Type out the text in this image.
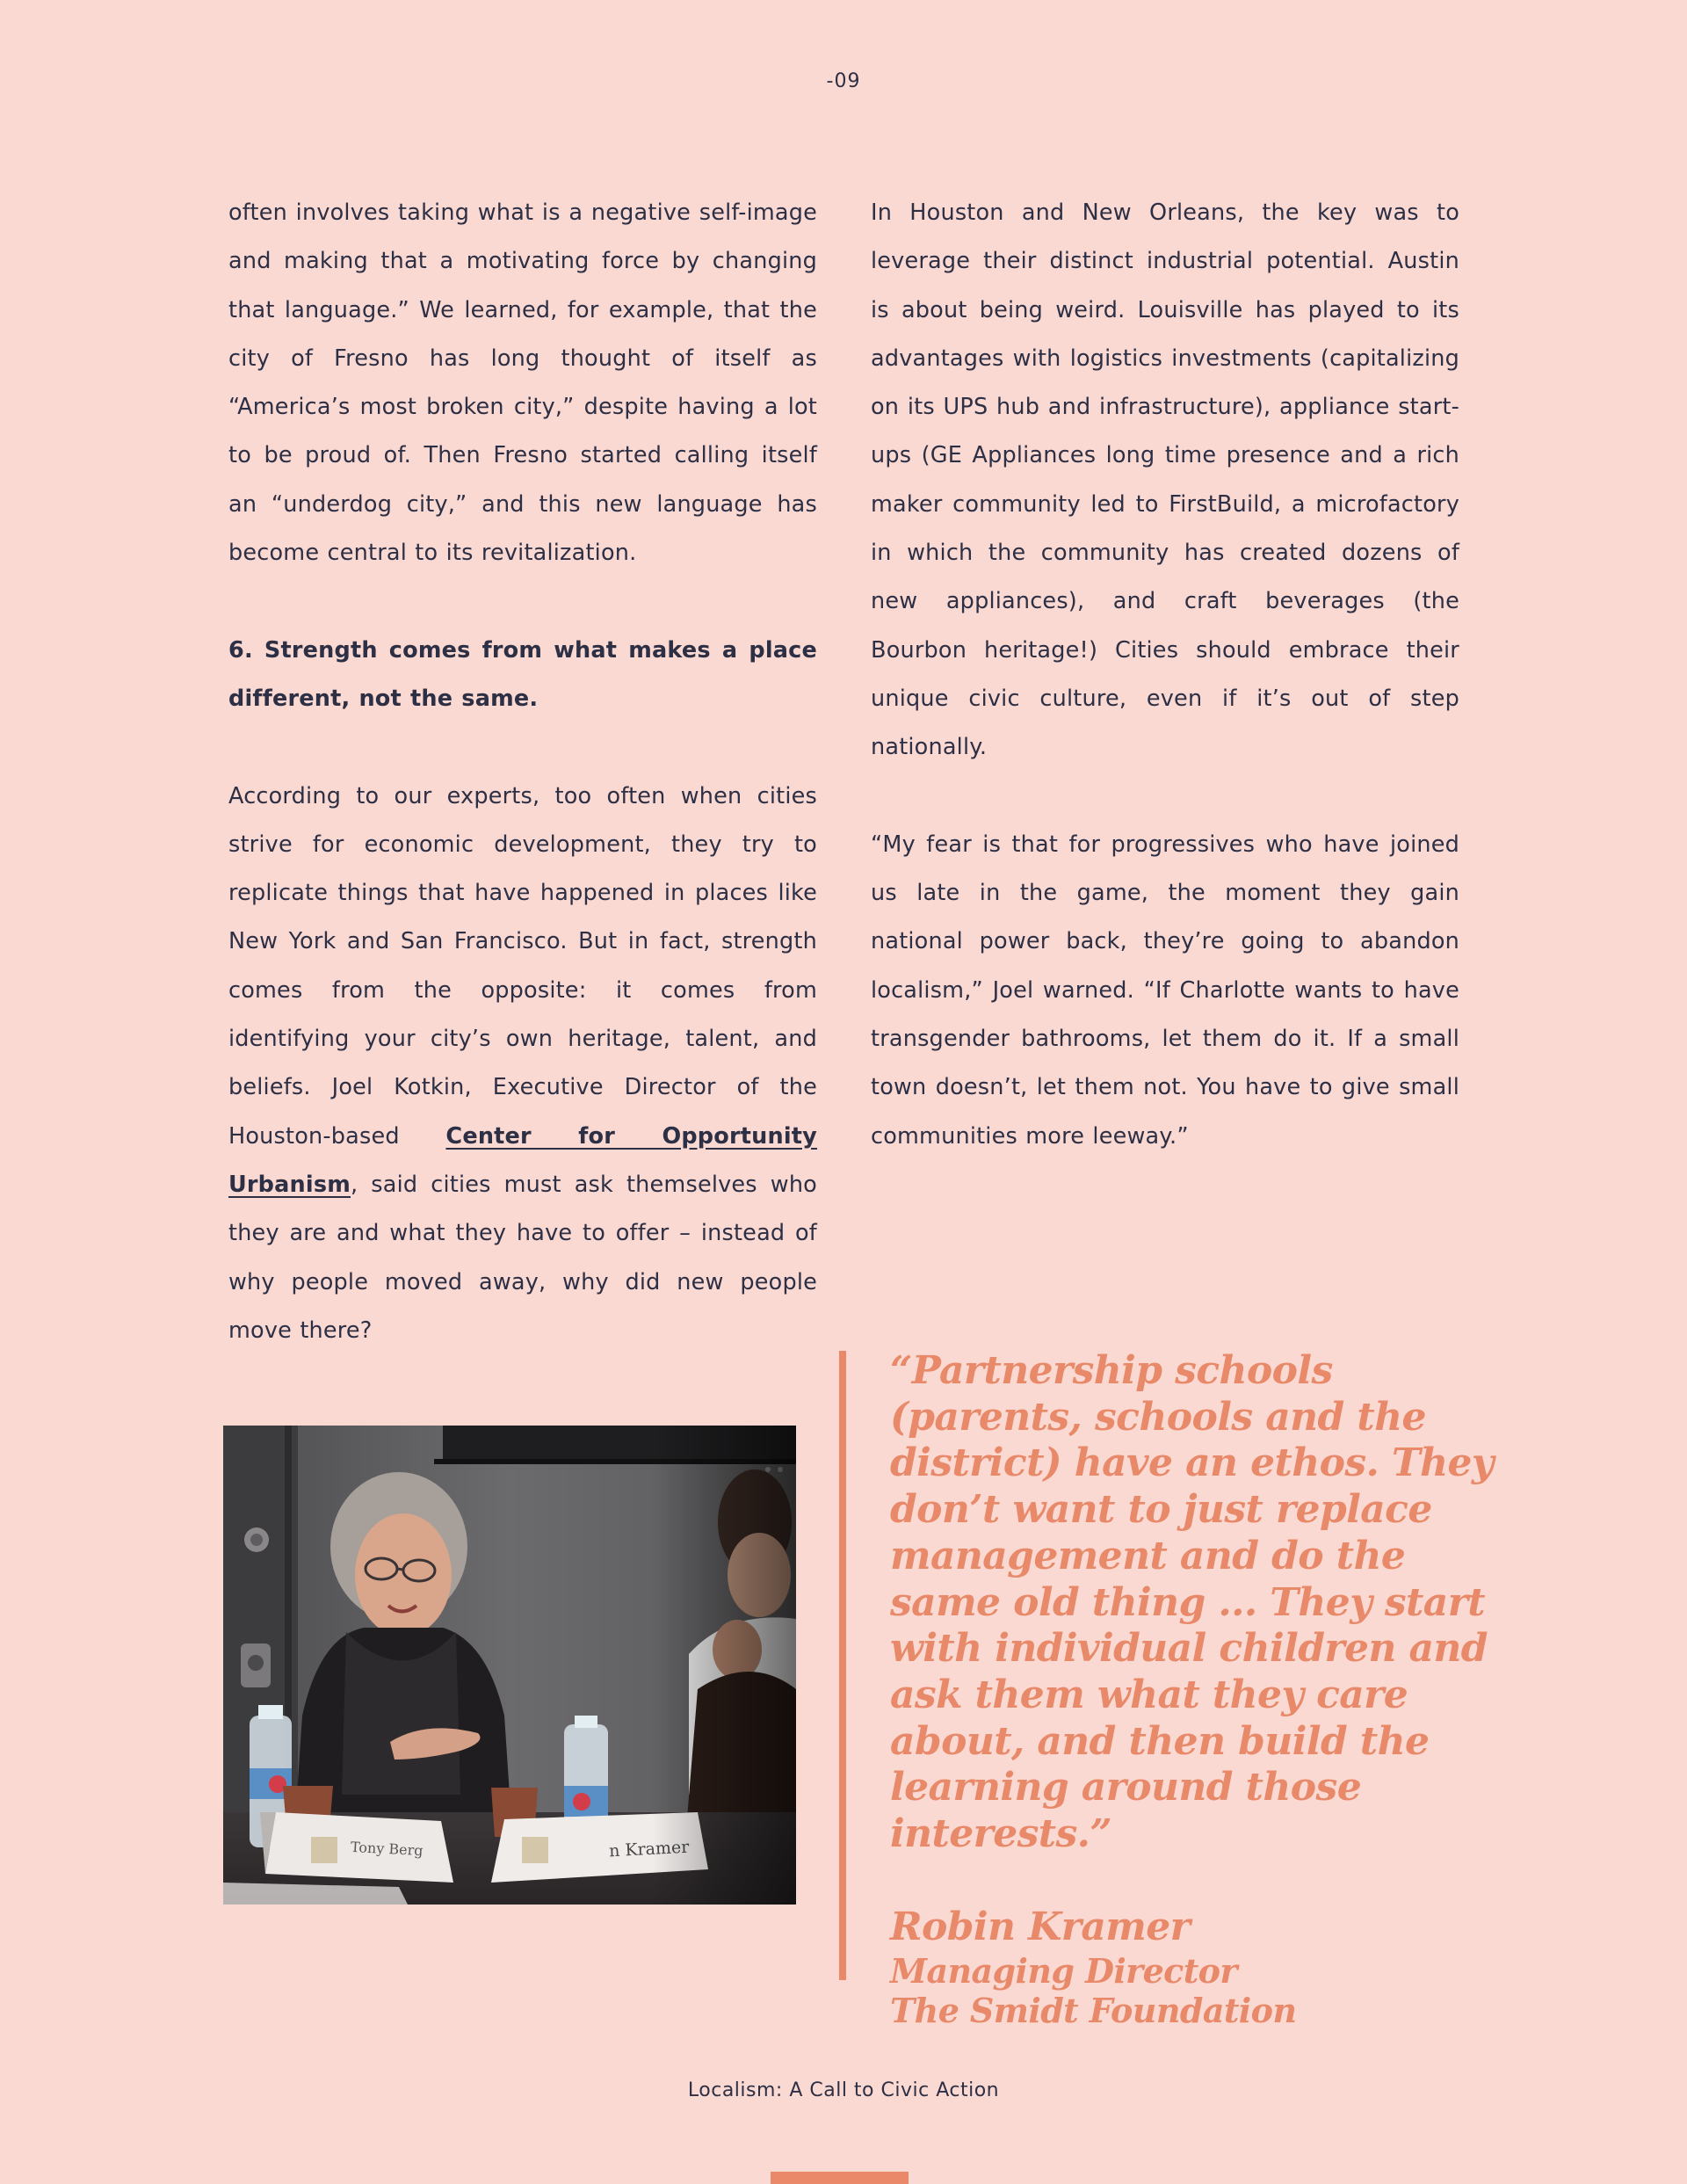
-09

often involves taking what is a negative self-image and making that a motivating force by changing that language.” We learned, for example, that the city of Fresno has long thought of itself as “America’s most broken city,” despite having a lot to be proud of. Then Fresno started calling itself an “underdog city,” and this new language has become central to its revitalization.

6. Strength comes from what makes a place different, not the same.

According to our experts, too often when cities strive for economic development, they try to replicate things that have happened in places like New York and San Francisco. But in fact, strength comes from the opposite: it comes from identifying your city’s own heritage, talent, and beliefs. Joel Kotkin, Executive Director of the Houston-based Center for Opportunity Urbanism, said cities must ask themselves who they are and what they have to offer – instead of why people moved away, why did new people move there?

In Houston and New Orleans, the key was to leverage their distinct industrial potential. Austin is about being weird. Louisville has played to its advantages with logistics investments (capitalizing on its UPS hub and infrastructure), appliance start-ups (GE Appliances long time presence and a rich maker community led to FirstBuild, a microfactory in which the community has created dozens of new appliances), and craft beverages (the Bourbon heritage!) Cities should embrace their unique civic culture, even if it’s out of step nationally.

“My fear is that for progressives who have joined us late in the game, the moment they gain national power back, they’re going to abandon localism,” Joel warned. “If Charlotte wants to have transgender bathrooms, let them do it. If a small town doesn’t, let them not. You have to give small communities more leeway.”

“Partnership schools (parents, schools and the district) have an ethos. They don’t want to just replace management and do the same old thing ... They start with individual children and ask them what they care about, and then build the learning around those interests.”

Robin Kramer

Managing Director

The Smidt Foundation

Localism: A Call to Civic Action
